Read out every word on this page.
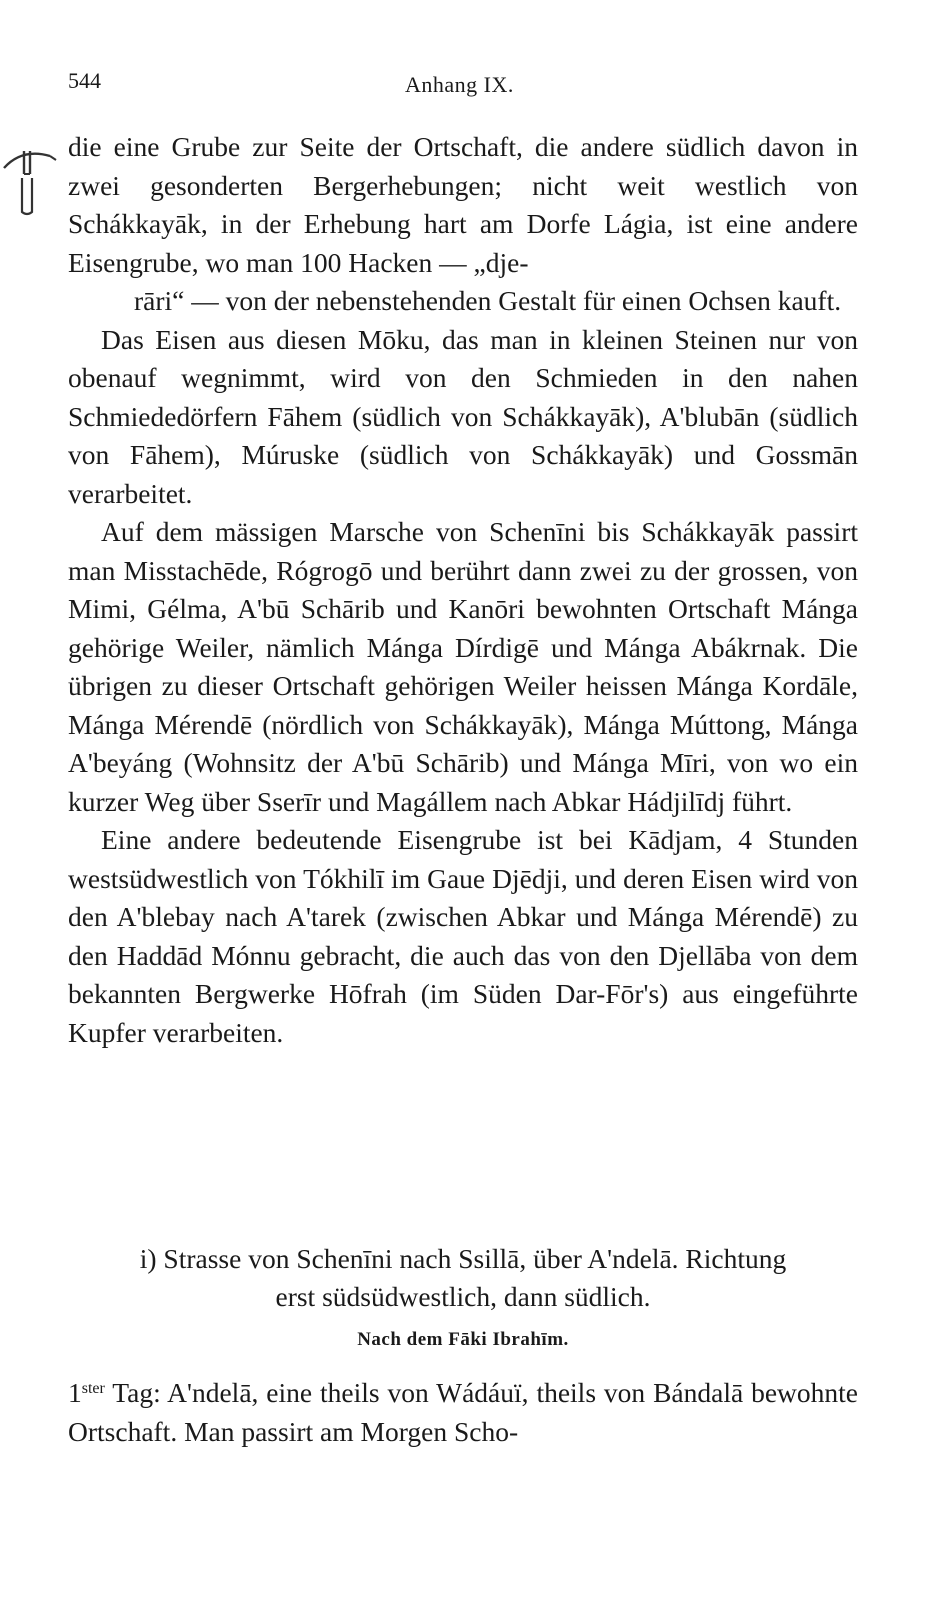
544	Anhang IX.

die eine Grube zur Seite der Ortschaft, die andere südlich davon in zwei gesonderten Bergerhebungen; nicht weit westlich von Schákkayāk, in der Erhebung hart am Dorfe Lágia, ist eine andere Eisengrube, wo man 100 Hacken — „dje-

rāri“ — von der nebenstehenden Gestalt für einen Ochsen kauft.

Das Eisen aus diesen Mōku, das man in kleinen Steinen nur von obenauf wegnimmt, wird von den Schmieden in den nahen Schmiededörfern Fāhem (südlich von Schákkayāk), A'blubān (südlich von Fāhem), Múruske (südlich von Schákkayāk) und Gossmān verarbeitet.

Auf dem mässigen Marsche von Schenīni bis Schákkayāk passirt man Misstachēde, Rógrogō und berührt dann zwei zu der grossen, von Mimi, Gélma, A'bū Schārib und Kanōri bewohnten Ortschaft Mánga gehörige Weiler, nämlich Mánga Dírdigē und Mánga Abákrnak. Die übrigen zu dieser Ortschaft gehörigen Weiler heissen Mánga Kordāle, Mánga Mérendē (nördlich von Schákkayāk), Mánga Múttong, Mánga A'beyáng (Wohnsitz der A'bū Schārib) und Mánga Mīri, von wo ein kurzer Weg über Sserīr und Magállem nach Abkar Hádjilīdj führt.

Eine andere bedeutende Eisengrube ist bei Kādjam, 4 Stunden westsüdwestlich von Tókhilī im Gaue Djēdji, und deren Eisen wird von den A'blebay nach A'tarek (zwischen Abkar und Mánga Mérendē) zu den Haddād Mónnu gebracht, die auch das von den Djellāba von dem bekannten Bergwerke Hōfrah (im Süden Dar-Fōr's) aus eingeführte Kupfer verarbeiten.

i) Strasse von Schenīni nach Ssillā, über A'ndelā. Richtung

erst südsüdwestlich, dann südlich.

Nach dem Fāki Ibrahīm.

$1^{ster}$ Tag: A'ndelā, eine theils von Wádáuï, theils von Bándalā bewohnte Ortschaft. Man passirt am Morgen Scho-
